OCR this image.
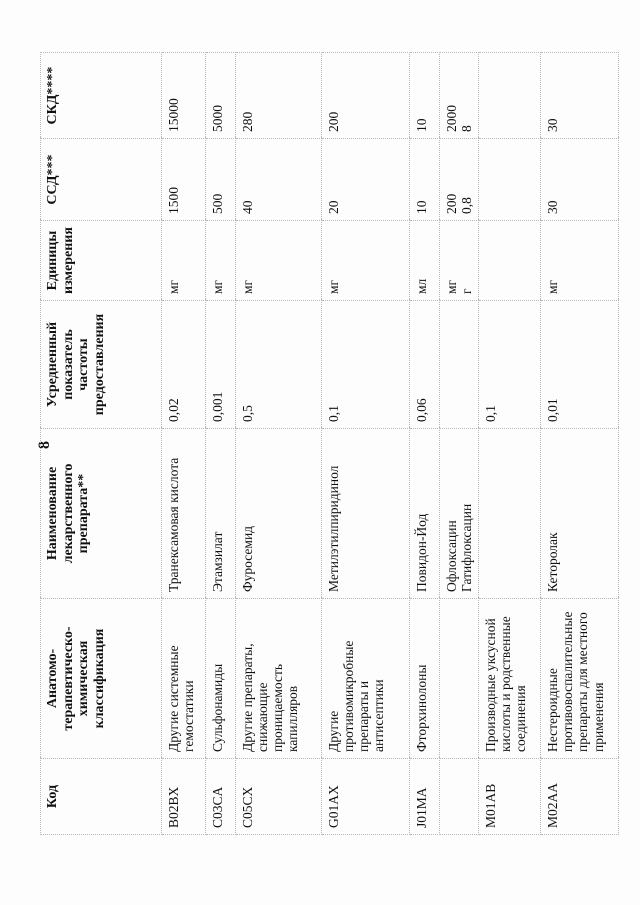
8
Код	Анатомо-терапевтическо-химическая классификация	Наименование лекарственного препарата**	Усредненный показатель частоты предоставления	Единицы измерения	ССД***	СКД****
B02BX	Другие системные гемостатики	Транексамовая кислота	0,02	мг	1500	15000
C03CA	Сульфонамиды	Этамзилат	0,001	мг	500	5000
C05CX	Другие препараты, снижающие проницаемость капилляров	Фуросемид	0,5	мг	40	280
G01AX	Другие противомикробные препараты и антисептики	Метилэтилпиридинол	0,1	мг	20	200
J01MA	Фторхинолоны	Повидон-Йод	0,06	мл	10	10

		Офлоксацин Гатифлоксацин		мг г	200 0,8	2000 8

M01AB	Производные уксусной кислоты и родственные соединения		0,1			
M02AA	Нестероидные противовоспалительные препараты для местного применения	Кеторолак	0,01	мг	30	30
